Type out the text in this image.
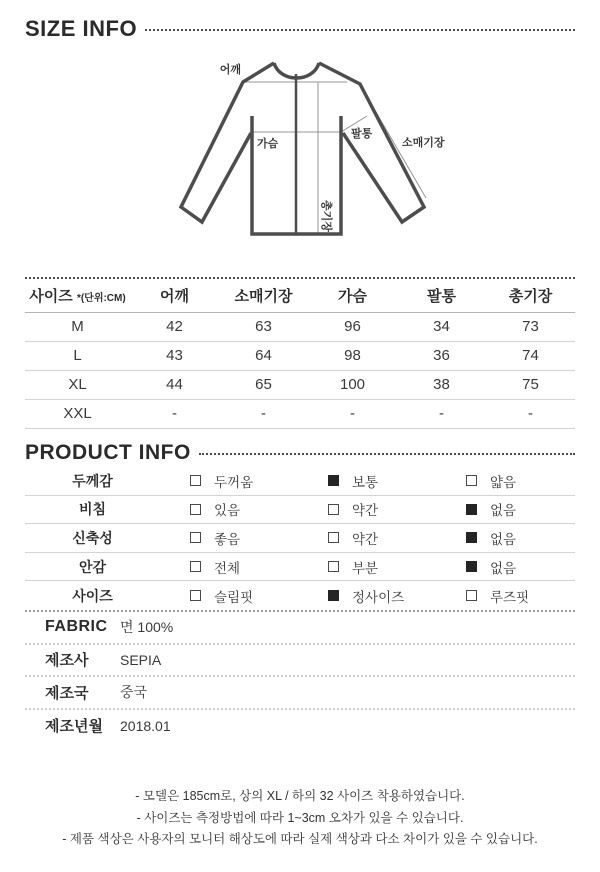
SIZE INFO
어깨
가슴
팔통
소매기장
총기장
사이즈 *(단위:CM)	어깨	소매기장	가슴	팔통	총기장
M	42	63	96	34	73
L	43	64	98	36	74
XL	44	65	100	38	75
XXL	-	-	-	-	-
PRODUCT INFO
두께감	두꺼움	보통	얇음
비침	있음	약간	없음
신축성	좋음	약간	없음
안감	전체	부분	없음
사이즈	슬림핏	정사이즈	루즈핏
FABRIC 면 100%
제조사	SEPIA
제조국	중국
제조년월	2018.01
- 모델은 185cm로, 상의 XL / 하의 32 사이즈 착용하였습니다.
- 사이즈는 측정방법에 따라 1~3cm 오차가 있을 수 있습니다.
- 제품 색상은 사용자의 모니터 해상도에 따라 실제 색상과 다소 차이가 있을 수 있습니다.
